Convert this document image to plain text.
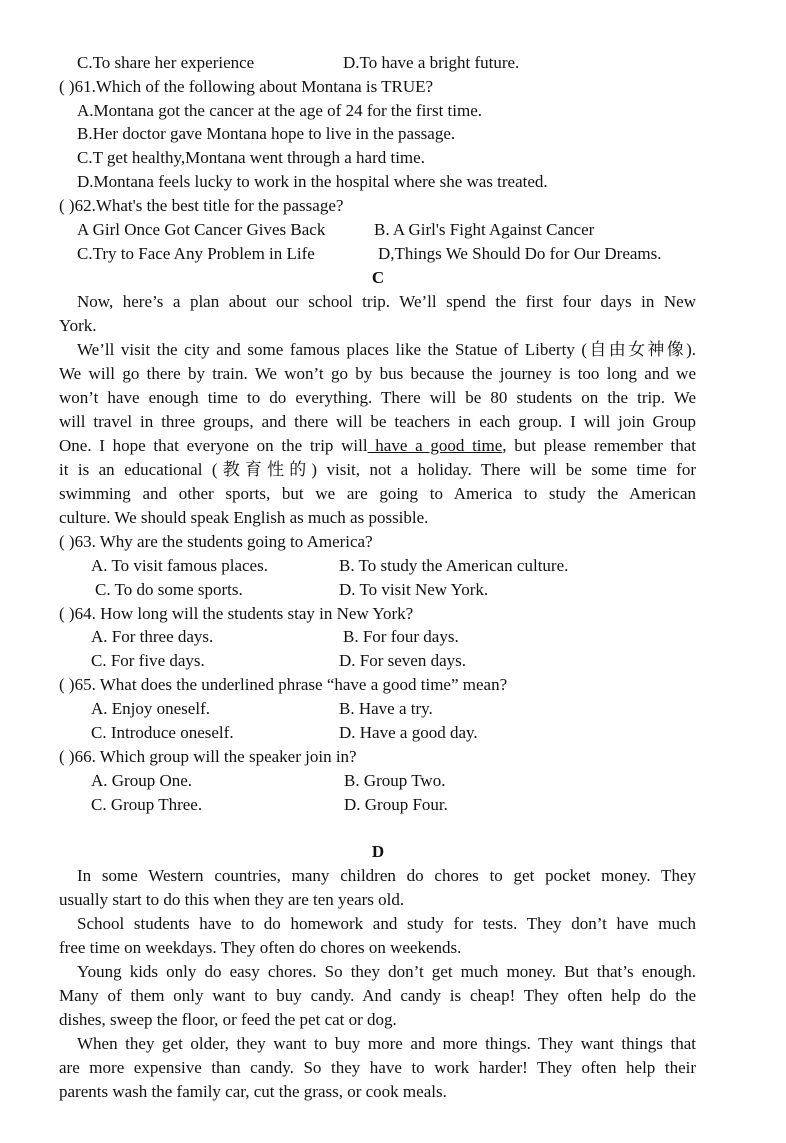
C.To share her experience	D.To have a bright future.
( )61.Which of the following about Montana is TRUE?
A.Montana got the cancer at the age of 24 for the first time.
B.Her doctor gave Montana hope to live in the passage.
C.T get healthy,Montana went through a hard time.
D.Montana feels lucky to work in the hospital where she was treated.
( )62.What's the best title for the passage?
A Girl Once Got Cancer Gives Back	B. A Girl's Fight Against Cancer
C.Try to Face Any Problem in Life	D,Things We Should Do for Our Dreams.
C
Now, here’s a plan about our school trip. We’ll spend the first four days in New
York.
We’ll visit the city and some famous places like the Statue of Liberty (自由女神像).
We will go there by train. We won’t go by bus because the journey is too long and we
won’t have enough time to do everything. There will be 80 students on the trip. We
will travel in three groups, and there will be teachers in each group. I will join Group
One. I hope that everyone on the trip will have a good time, but please remember that
it is an educational (教育性的) visit, not a holiday. There will be some time for
swimming and other sports, but we are going to America to study the American
culture. We should speak English as much as possible.
( )63. Why are the students going to America?
A. To visit famous places.	B. To study the American culture.
C. To do some sports.	D. To visit New York.
( )64. How long will the students stay in New York?
A. For three days.	B. For four days.
C. For five days.	D. For seven days.
( )65. What does the underlined phrase “have a good time” mean?
A. Enjoy oneself.	B. Have a try.
C. Introduce oneself.	D. Have a good day.
( )66. Which group will the speaker join in?
A. Group One.	B. Group Two.
C. Group Three.	D. Group Four.
D
In some Western countries, many children do chores to get pocket money. They
usually start to do this when they are ten years old.
School students have to do homework and study for tests. They don’t have much
free time on weekdays. They often do chores on weekends.
Young kids only do easy chores. So they don’t get much money. But that’s enough.
Many of them only want to buy candy. And candy is cheap! They often help do the
dishes, sweep the floor, or feed the pet cat or dog.
When they get older, they want to buy more and more things. They want things that
are more expensive than candy. So they have to work harder! They often help their
parents wash the family car, cut the grass, or cook meals.
